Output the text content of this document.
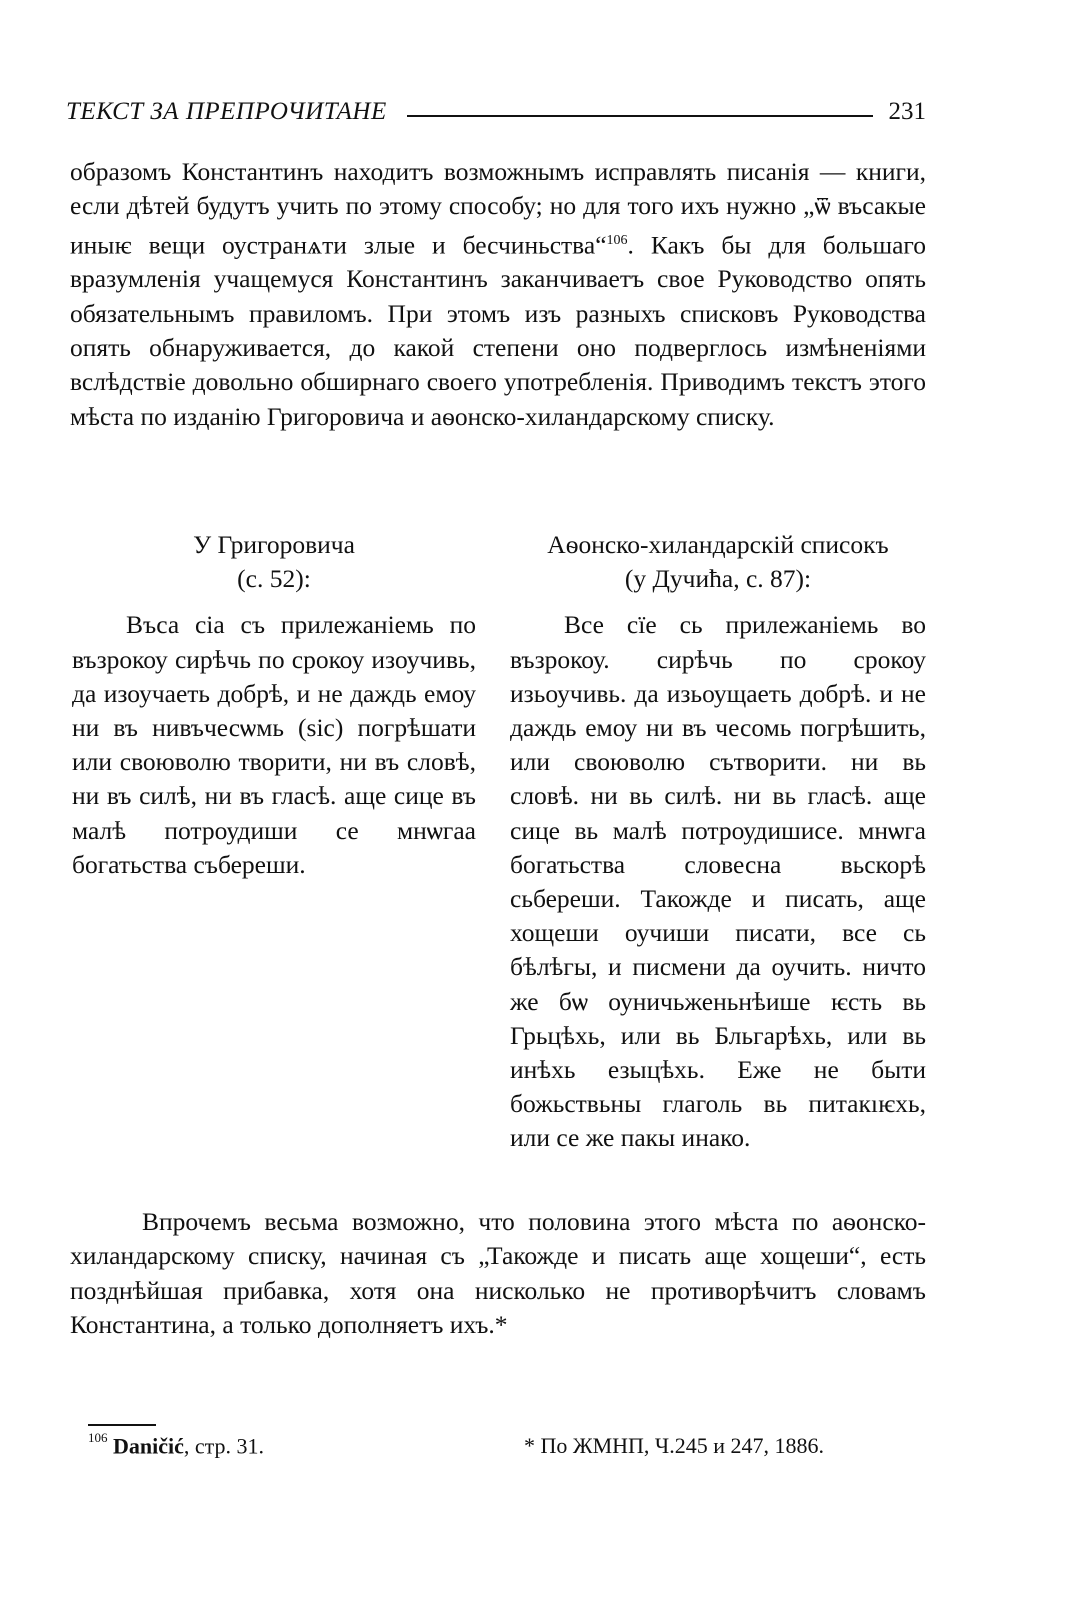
ТЕКСТ ЗА ПРЕПРОЧИТАНЕ	231

образомъ Константинъ находитъ возможнымъ исправлять писанія — книги, если дѣтей будутъ учить по этому способу; но для того ихъ нужно „ѿ въсакые иныѥ вещи оустранѧти злые и бесчиньства“$^{106}$. Какъ бы для большаго вразумленія учащемуся Константинъ заканчиваетъ свое Руководство опять обязательнымъ правиломъ. При этомъ изъ разныхъ списковъ Руководства опять обнаруживается, до какой степени оно подверглось измѣненіями вслѣдствіе довольно обширнаго своего употребленія. Приводимъ текстъ этого мѣста по изданію Григоровича и аѳонско-хиландарскому списку.

У Григоровича
(с. 52):

Въса сіа съ прилежаніемь по възрокоу сирѣчь по срокоу изоучивь, да изоучаеть добрѣ, и не даждь емоу ни въ нивъчесѡмь (sic) погрѣшати или своюволю творити, ни въ словѣ, ни въ силѣ, ни въ гласѣ. аще сице въ малѣ потроудиши се мнѡгаа богатьства събереши.

Аѳонско-хиландарскій списокъ
(у Дучиħа, с. 87):

Все сїе сь прилежаніемь во възрокоу. сирѣчь по срокоу изьоучивь. да изьоущаеть добрѣ. и не даждь емоу ни въ чесомь погрѣшить, или своюволю сътворити. ни вь словѣ. ни вь силѣ. ни вь гласѣ. аще сице вь малѣ потроудишисе. мнѡга богатьства словесна вьскорѣ сьбереши. Такожде и писать, аще хощеши оучиши писати, все сь бѣлѣгы, и писмени да оучить. ничто же бѡ оуничьженьнѣише ѥсть вь Грьцѣхь, или вь Бльгарѣхь, или вь инѣхь езыцѣхь. Еже не быти божьствьны глаголь вь питакıѥхь, или се же пакы инако.

Впрочемъ весьма возможно, что половина этого мѣста по аѳонско-хиландарскому списку, начиная съ „Такожде и писать аще хощеши“, есть позднѣйшая прибавка, хотя она нисколько не противорѣчитъ словамъ Константина, а только дополняетъ ихъ.*

$^{106}$ Daničić, стр. 31.	* По ЖМНП, Ч.245 и 247, 1886.
